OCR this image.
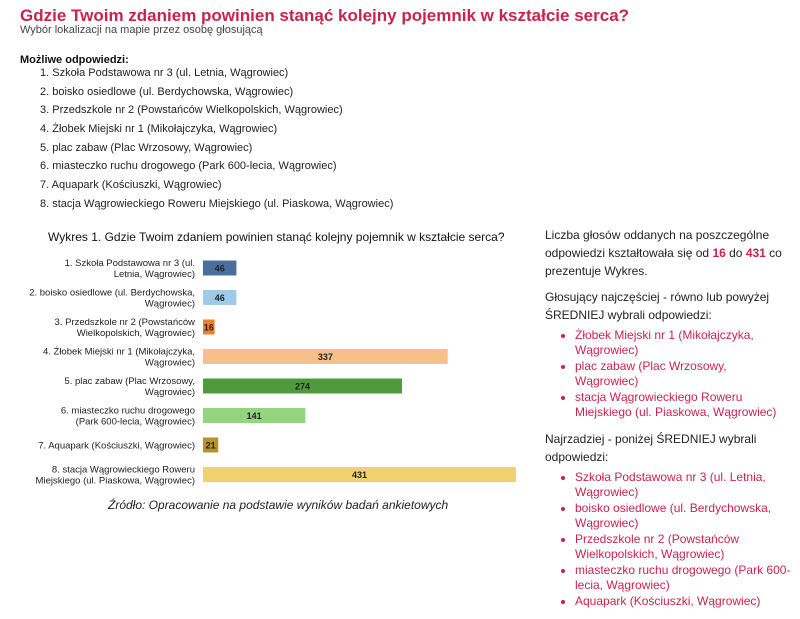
Gdzie Twoim zdaniem powinien stanąć kolejny pojemnik w kształcie serca?
Wybór lokalizacji na mapie przez osobę głosującą
Możliwe odpowiedzi:
1. Szkoła Podstawowa nr 3 (ul. Letnia, Wągrowiec)
2. boisko osiedlowe (ul. Berdychowska, Wągrowiec)
3. Przedszkole nr 2 (Powstańców Wielkopolskich, Wągrowiec)
4. Żłobek Miejski nr 1 (Mikołajczyka, Wągrowiec)
5. plac zabaw (Plac Wrzosowy, Wągrowiec)
6. miasteczko ruchu drogowego (Park 600-lecia, Wągrowiec)
7. Aquapark (Kościuszki, Wągrowiec)
8. stacja Wągrowieckiego Roweru Miejskiego (ul. Piaskowa, Wągrowiec)
Wykres 1. Gdzie Twoim zdaniem powinien stanąć kolejny pojemnik w kształcie serca?
46
1. Szkoła Podstawowa nr 3 (ul. Letnia, Wągrowiec)
46
2. boisko osiedlowe (ul. Berdychowska, Wągrowiec)
16
3. Przedszkole nr 2 (Powstańców Wielkopolskich, Wągrowiec)
337
4. Żłobek Miejski nr 1 (Mikołajczyka, Wągrowiec)
274
5. plac zabaw (Plac Wrzosowy, Wągrowiec)
141
6. miasteczko ruchu drogowego (Park 600-lecia, Wągrowiec)
21
7. Aquapark (Kościuszki, Wągrowiec)
431
8. stacja Wągrowieckiego Roweru Miejskiego (ul. Piaskowa, Wągrowiec)
Źródło: Opracowanie na podstawie wyników badań ankietowych

Liczba głosów oddanych na poszczególne odpowiedzi kształtowała się od 16 do 431 co prezentuje Wykres.

Głosujący najczęściej - równo lub powyżej ŚREDNIEJ wybrali odpowiedzi:

• Żłobek Miejski nr 1 (Mikołajczyka, Wągrowiec)
• plac zabaw (Plac Wrzosowy, Wągrowiec)
• stacja Wągrowieckiego Roweru Miejskiego (ul. Piaskowa, Wągrowiec)

Najrzadziej - poniżej ŚREDNIEJ wybrali odpowiedzi:

• Szkoła Podstawowa nr 3 (ul. Letnia, Wągrowiec)
• boisko osiedlowe (ul. Berdychowska, Wągrowiec)
• Przedszkole nr 2 (Powstańców Wielkopolskich, Wągrowiec)
• miasteczko ruchu drogowego (Park 600-lecia, Wągrowiec)
• Aquapark (Kościuszki, Wągrowiec)
